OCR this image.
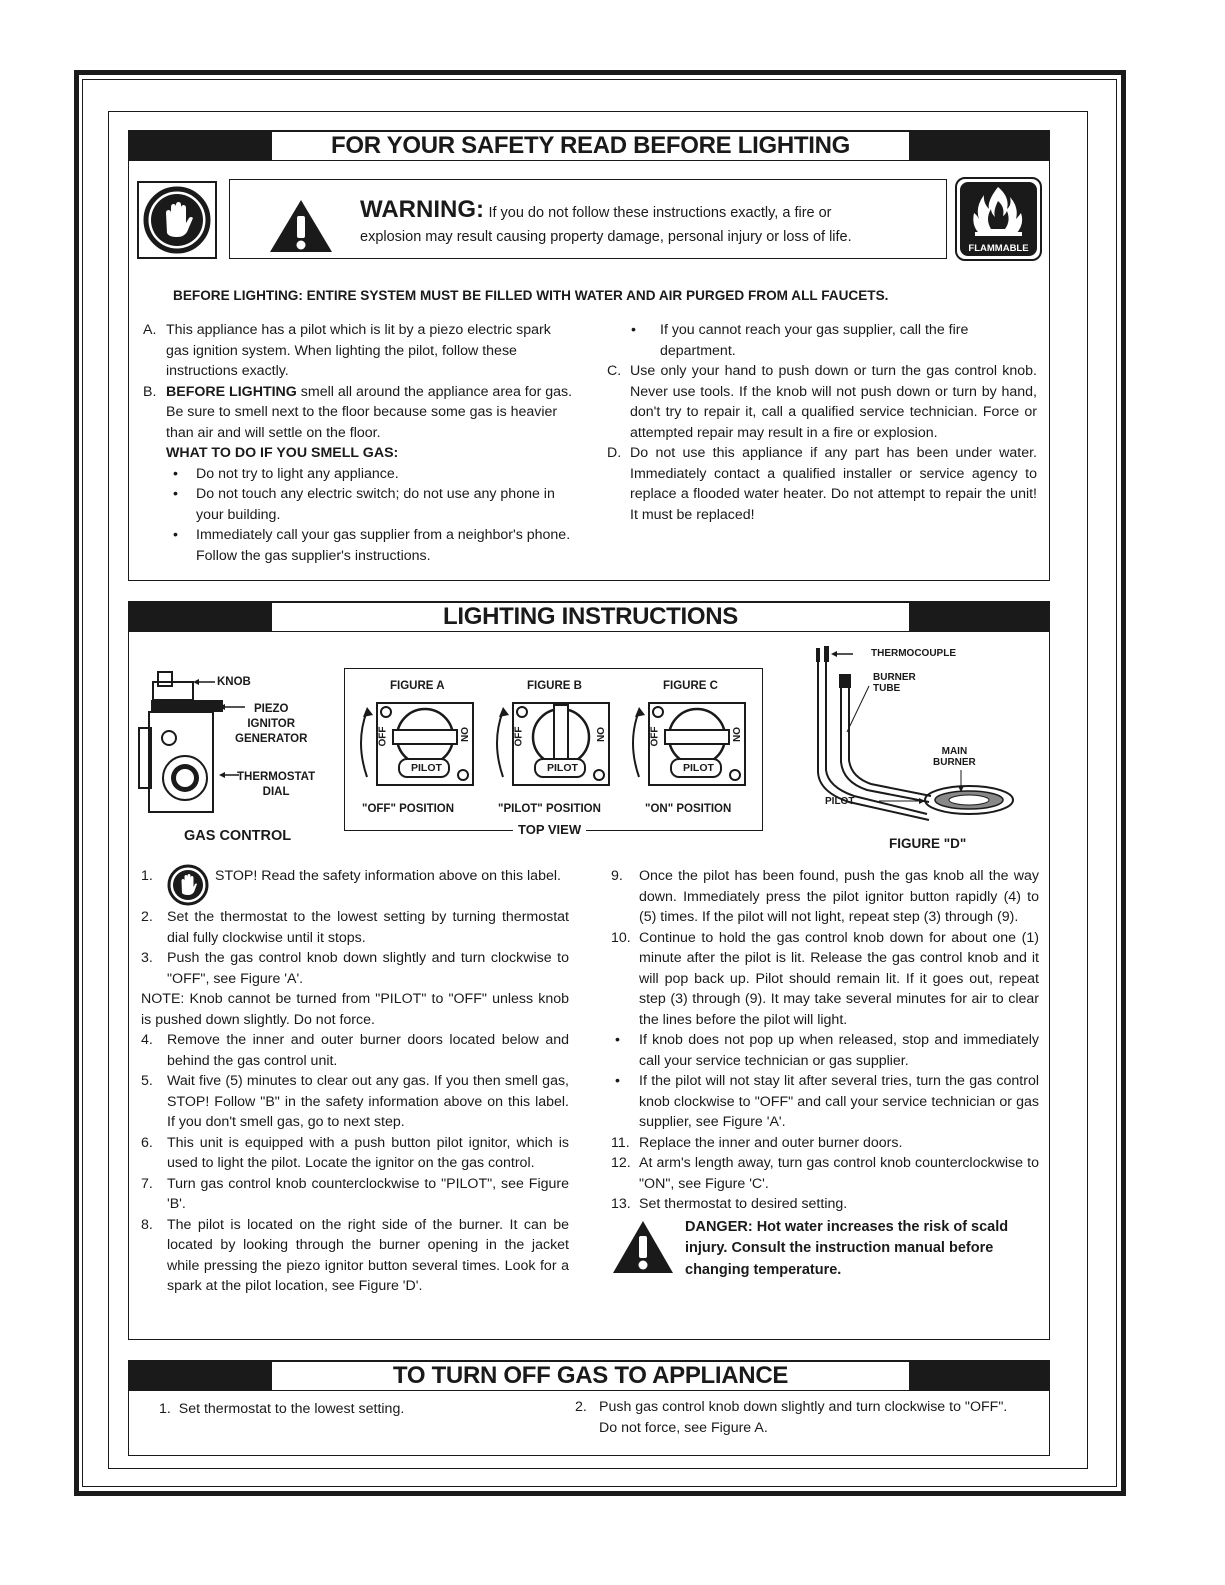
FOR YOUR SAFETY READ BEFORE LIGHTING
WARNING: If you do not follow these instructions exactly, a fire or
explosion may result causing property damage, personal injury or loss of life.
FLAMMABLE
BEFORE LIGHTING: ENTIRE SYSTEM MUST BE FILLED WITH WATER AND AIR PURGED FROM ALL FAUCETS.
A. This appliance has a pilot which is lit by a piezo electric spark gas ignition system. When lighting the pilot, follow these instructions exactly.
B. BEFORE LIGHTING smell all around the appliance area for gas. Be sure to smell next to the floor because some gas is heavier than air and will settle on the floor.
WHAT TO DO IF YOU SMELL GAS:
• Do not try to light any appliance.
• Do not touch any electric switch; do not use any phone in your building.
• Immediately call your gas supplier from a neighbor's phone. Follow the gas supplier's instructions.
• If you cannot reach your gas supplier, call the fire department.
C. Use only your hand to push down or turn the gas control knob. Never use tools. If the knob will not push down or turn by hand, don't try to repair it, call a qualified service technician. Force or attempted repair may result in a fire or explosion.
D. Do not use this appliance if any part has been under water. Immediately contact a qualified installer or service agency to replace a flooded water heater. Do not attempt to repair the unit! It must be replaced!
LIGHTING INSTRUCTIONS
KNOB
PIEZO
IGNITOR
GENERATOR
THERMOSTAT
DIAL
GAS CONTROL
FIGURE A	FIGURE B	FIGURE C
OFF	ON
PILOT
OFF	ON
PILOT
OFF	ON
PILOT
"OFF" POSITION	"PILOT" POSITION	"ON" POSITION
TOP VIEW
THERMOCOUPLE
BURNER
TUBE
MAIN
BURNER
PILOT
FIGURE "D"
1.	STOP! Read the safety information above on this label.
2. Set the thermostat to the lowest setting by turning thermostat dial fully clockwise until it stops.
3. Push the gas control knob down slightly and turn clockwise to "OFF", see Figure 'A'.
NOTE: Knob cannot be turned from "PILOT" to "OFF" unless knob is pushed down slightly. Do not force.
4. Remove the inner and outer burner doors located below and behind the gas control unit.
5. Wait five (5) minutes to clear out any gas. If you then smell gas, STOP! Follow "B" in the safety information above on this label. If you don't smell gas, go to next step.
6. This unit is equipped with a push button pilot ignitor, which is used to light the pilot. Locate the ignitor on the gas control.
7. Turn gas control knob counterclockwise to "PILOT", see Figure 'B'.
8. The pilot is located on the right side of the burner. It can be located by looking through the burner opening in the jacket while pressing the piezo ignitor button several times. Look for a spark at the pilot location, see Figure 'D'.
9. Once the pilot has been found, push the gas knob all the way down. Immediately press the pilot ignitor button rapidly (4) to (5) times. If the pilot will not light, repeat step (3) through (9).
10. Continue to hold the gas control knob down for about one (1) minute after the pilot is lit. Release the gas control knob and it will pop back up. Pilot should remain lit. If it goes out, repeat step (3) through (9). It may take several minutes for air to clear the lines before the pilot will light.
• If knob does not pop up when released, stop and immediately call your service technician or gas supplier.
• If the pilot will not stay lit after several tries, turn the gas control knob clockwise to "OFF" and call your service technician or gas supplier, see Figure 'A'.
11. Replace the inner and outer burner doors.
12. At arm's length away, turn gas control knob counterclockwise to "ON", see Figure 'C'.
13. Set thermostat to desired setting.
DANGER: Hot water increases the risk of scald injury. Consult the instruction manual before changing temperature.
TO TURN OFF GAS TO APPLIANCE
1. Set thermostat to the lowest setting.	2. Push gas control knob down slightly and turn clockwise to "OFF". Do not force, see Figure A.
